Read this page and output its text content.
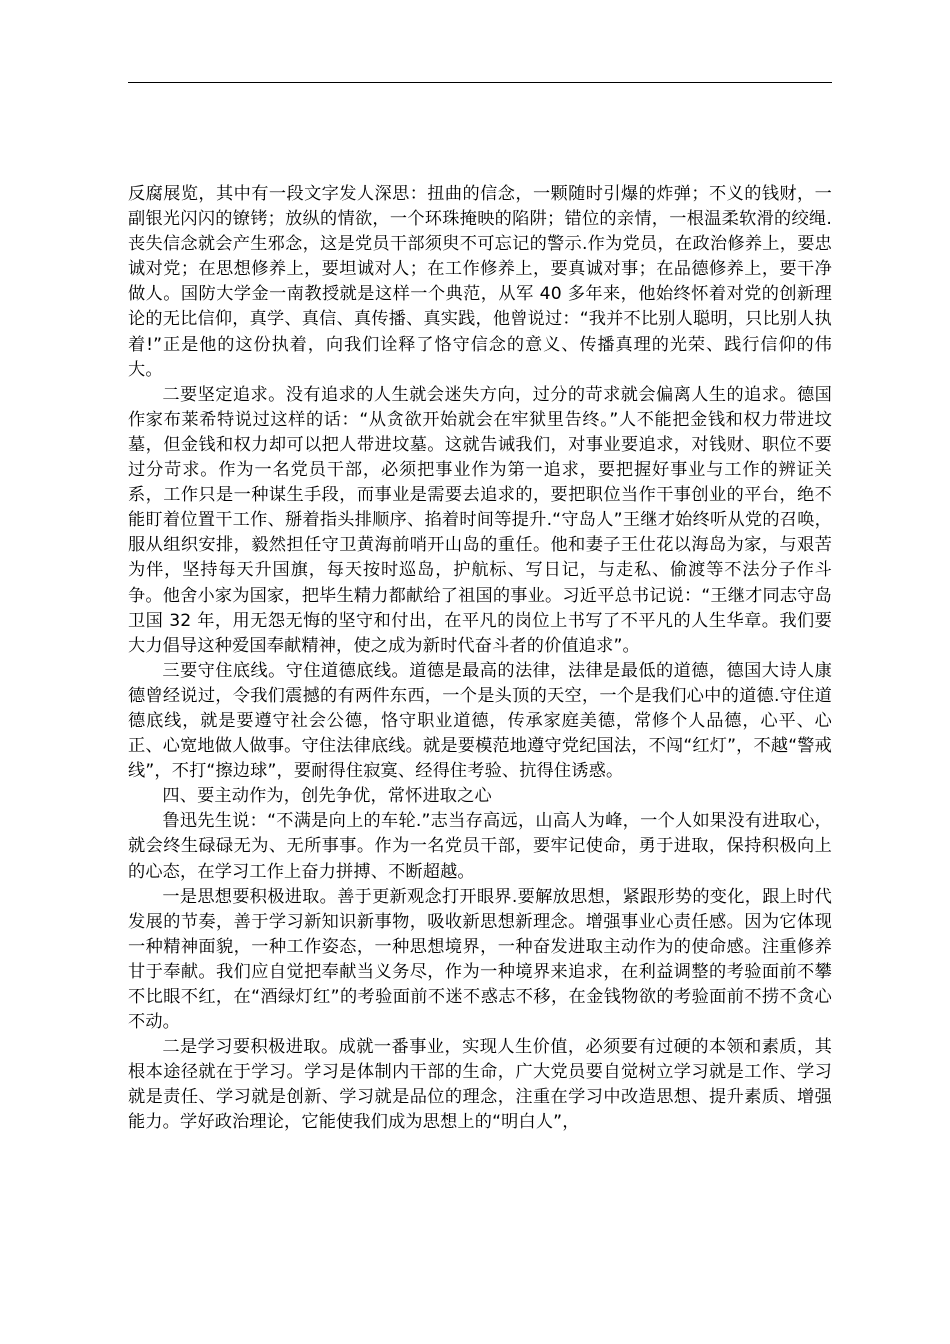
反腐展览，其中有一段文字发人深思：扭曲的信念，一颗随时引爆的炸弹；不义的钱财，一副银光闪闪的镣铐；放纵的情欲，一个环珠掩映的陷阱；错位的亲情，一根温柔软滑的绞绳.丧失信念就会产生邪念，这是党员干部须臾不可忘记的警示.作为党员，在政治修养上，要忠诚对党；在思想修养上，要坦诚对人；在工作修养上，要真诚对事；在品德修养上，要干净做人。国防大学金一南教授就是这样一个典范，从军 40 多年来，他始终怀着对党的创新理论的无比信仰，真学、真信、真传播、真实践，他曾说过：“我并不比别人聪明，只比别人执着!”正是他的这份执着，向我们诠释了恪守信念的意义、传播真理的光荣、践行信仰的伟大。

二要坚定追求。没有追求的人生就会迷失方向，过分的苛求就会偏离人生的追求。德国作家布莱希特说过这样的话：“从贪欲开始就会在牢狱里告终。”人不能把金钱和权力带进坟墓，但金钱和权力却可以把人带进坟墓。这就告诫我们，对事业要追求，对钱财、职位不要过分苛求。作为一名党员干部，必须把事业作为第一追求，要把握好事业与工作的辨证关系，工作只是一种谋生手段，而事业是需要去追求的，要把职位当作干事创业的平台，绝不能盯着位置干工作、掰着指头排顺序、掐着时间等提升.“守岛人”王继才始终听从党的召唤，服从组织安排，毅然担任守卫黄海前哨开山岛的重任。他和妻子王仕花以海岛为家，与艰苦为伴，坚持每天升国旗，每天按时巡岛，护航标、写日记，与走私、偷渡等不法分子作斗争。他舍小家为国家，把毕生精力都献给了祖国的事业。习近平总书记说：“王继才同志守岛卫国 32 年，用无怨无悔的坚守和付出，在平凡的岗位上书写了不平凡的人生华章。我们要大力倡导这种爱国奉献精神，使之成为新时代奋斗者的价值追求”。

三要守住底线。守住道德底线。道德是最高的法律，法律是最低的道德，德国大诗人康德曾经说过，令我们震撼的有两件东西，一个是头顶的天空，一个是我们心中的道德.守住道德底线，就是要遵守社会公德，恪守职业道德，传承家庭美德，常修个人品德，心平、心正、心宽地做人做事。守住法律底线。就是要模范地遵守党纪国法，不闯“红灯”，不越“警戒线”，不打“擦边球”，要耐得住寂寞、经得住考验、抗得住诱惑。

四、要主动作为，创先争优，常怀进取之心

鲁迅先生说：“不满是向上的车轮.”志当存高远，山高人为峰，一个人如果没有进取心，就会终生碌碌无为、无所事事。作为一名党员干部，要牢记使命，勇于进取，保持积极向上的心态，在学习工作上奋力拼搏、不断超越。

一是思想要积极进取。善于更新观念打开眼界.要解放思想，紧跟形势的变化，跟上时代发展的节奏，善于学习新知识新事物，吸收新思想新理念。增强事业心责任感。因为它体现一种精神面貌，一种工作姿态，一种思想境界，一种奋发进取主动作为的使命感。注重修养甘于奉献。我们应自觉把奉献当义务尽，作为一种境界来追求，在利益调整的考验面前不攀不比眼不红，在“酒绿灯红”的考验面前不迷不惑志不移，在金钱物欲的考验面前不捞不贪心不动。

二是学习要积极进取。成就一番事业，实现人生价值，必须要有过硬的本领和素质，其根本途径就在于学习。学习是体制内干部的生命，广大党员要自觉树立学习就是工作、学习就是责任、学习就是创新、学习就是品位的理念，注重在学习中改造思想、提升素质、增强能力。学好政治理论，它能使我们成为思想上的“明白人”，
